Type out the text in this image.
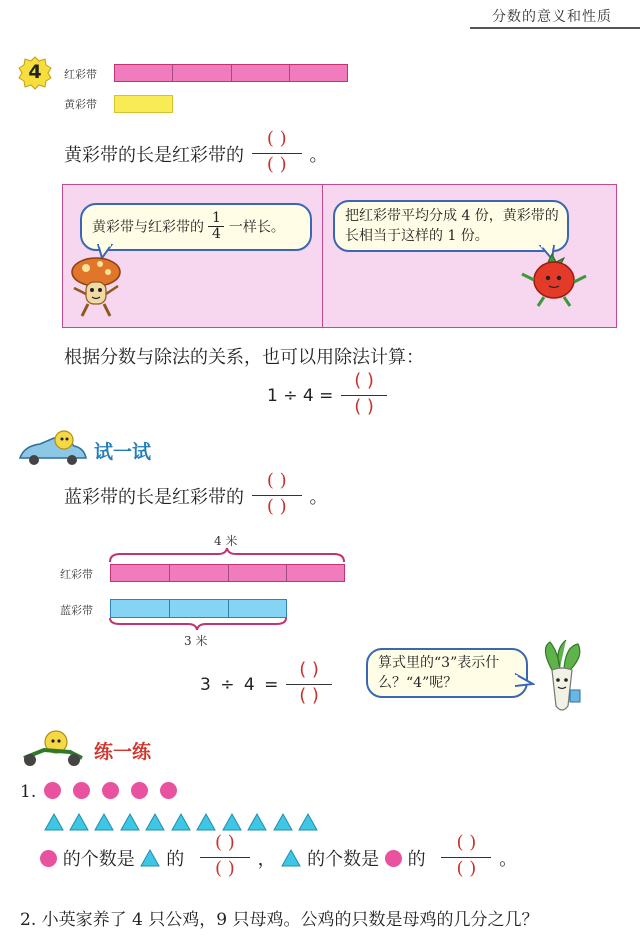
分数的意义和性质
4	红彩带
黄彩带
黄彩带的长是红彩带的 $\frac{( )}{( )}$ 。
黄彩带与红彩带的 $\frac{1}{4}$ 一样长。
把红彩带平均分成 4 份，黄彩带的长相当于这样的 1 份。
根据分数与除法的关系，也可以用除法计算：
$1 \div 4 = \frac{( )}{( )}$
试一试
蓝彩带的长是红彩带的 $\frac{( )}{( )}$ 。
4 米
红彩带
蓝彩带
3 米
$3 \div 4 = \frac{( )}{( )}$	算式里的“3”表示什么？“4”呢？
练一练
1.

的个数是 的 $\frac{( )}{( )}$ ， 的个数是 的 $\frac{( )}{( )}$ 。
2. 小英家养了 4 只公鸡，9 只母鸡。公鸡的只数是母鸡的几分之几？
